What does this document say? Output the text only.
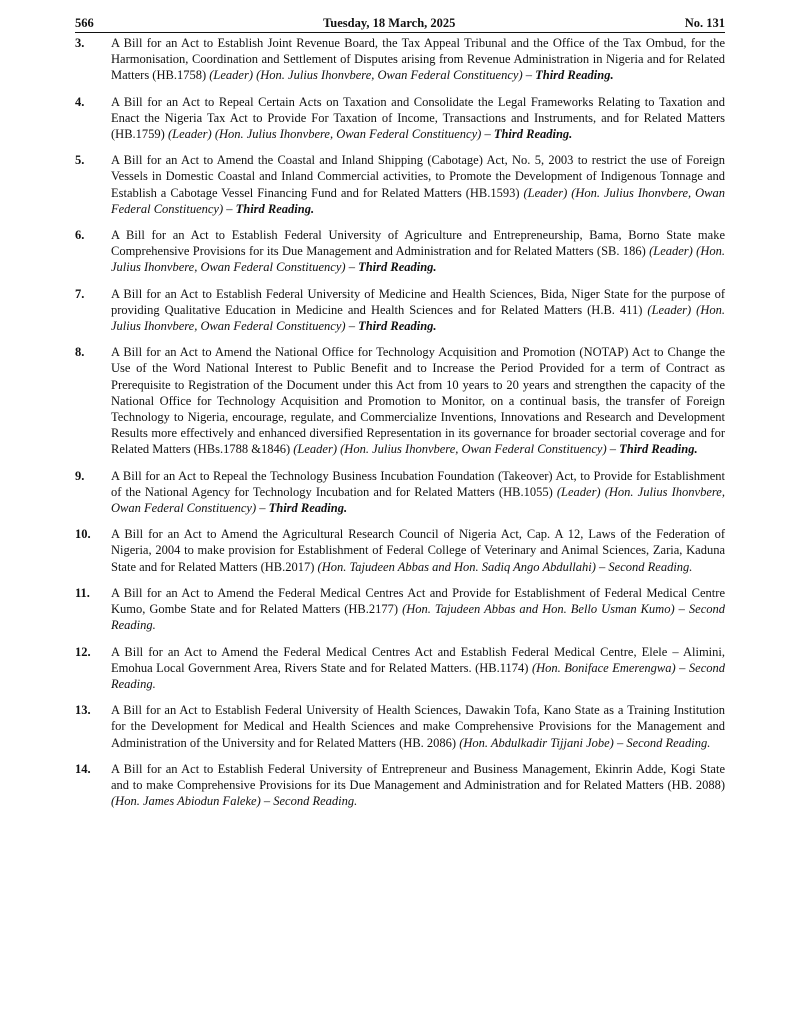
566	Tuesday, 18 March, 2025	No. 131
3.	A Bill for an Act to Establish Joint Revenue Board, the Tax Appeal Tribunal and the Office of the Tax Ombud, for the Harmonisation, Coordination and Settlement of Disputes arising from Revenue Administration in Nigeria and for Related Matters (HB.1758) (Leader) (Hon. Julius Ihonvbere, Owan Federal Constituency) – Third Reading.
4.	A Bill for an Act to Repeal Certain Acts on Taxation and Consolidate the Legal Frameworks Relating to Taxation and Enact the Nigeria Tax Act to Provide For Taxation of Income, Transactions and Instruments, and for Related Matters (HB.1759) (Leader) (Hon. Julius Ihonvbere, Owan Federal Constituency) – Third Reading.
5.	A Bill for an Act to Amend the Coastal and Inland Shipping (Cabotage) Act, No. 5, 2003 to restrict the use of Foreign Vessels in Domestic Coastal and Inland Commercial activities, to Promote the Development of Indigenous Tonnage and Establish a Cabotage Vessel Financing Fund and for Related Matters (HB.1593) (Leader) (Hon. Julius Ihonvbere, Owan Federal Constituency) – Third Reading.
6.	A Bill for an Act to Establish Federal University of Agriculture and Entrepreneurship, Bama, Borno State make Comprehensive Provisions for its Due Management and Administration and for Related Matters (SB. 186) (Leader) (Hon. Julius Ihonvbere, Owan Federal Constituency) – Third Reading.
7.	A Bill for an Act to Establish Federal University of Medicine and Health Sciences, Bida, Niger State for the purpose of providing Qualitative Education in Medicine and Health Sciences and for Related Matters (H.B. 411) (Leader) (Hon. Julius Ihonvbere, Owan Federal Constituency) – Third Reading.
8.	A Bill for an Act to Amend the National Office for Technology Acquisition and Promotion (NOTAP) Act to Change the Use of the Word National Interest to Public Benefit and to Increase the Period Provided for a term of Contract as Prerequisite to Registration of the Document under this Act from 10 years to 20 years and strengthen the capacity of the National Office for Technology Acquisition and Promotion to Monitor, on a continual basis, the transfer of Foreign Technology to Nigeria, encourage, regulate, and Commercialize Inventions, Innovations and Research and Development Results more effectively and enhanced diversified Representation in its governance for broader sectorial coverage and for Related Matters (HBs.1788 &1846) (Leader) (Hon. Julius Ihonvbere, Owan Federal Constituency) – Third Reading.
9.	A Bill for an Act to Repeal the Technology Business Incubation Foundation (Takeover) Act, to Provide for Establishment of the National Agency for Technology Incubation and for Related Matters (HB.1055) (Leader) (Hon. Julius Ihonvbere, Owan Federal Constituency) – Third Reading.
10.	A Bill for an Act to Amend the Agricultural Research Council of Nigeria Act, Cap. A 12, Laws of the Federation of Nigeria, 2004 to make provision for Establishment of Federal College of Veterinary and Animal Sciences, Zaria, Kaduna State and for Related Matters (HB.2017) (Hon. Tajudeen Abbas and Hon. Sadiq Ango Abdullahi) – Second Reading.
11.	A Bill for an Act to Amend the Federal Medical Centres Act and Provide for Establishment of Federal Medical Centre Kumo, Gombe State and for Related Matters (HB.2177) (Hon. Tajudeen Abbas and Hon. Bello Usman Kumo) – Second Reading.
12.	A Bill for an Act to Amend the Federal Medical Centres Act and Establish Federal Medical Centre, Elele – Alimini, Emohua Local Government Area, Rivers State and for Related Matters. (HB.1174) (Hon. Boniface Emerengwa) – Second Reading.
13.	A Bill for an Act to Establish Federal University of Health Sciences, Dawakin Tofa, Kano State as a Training Institution for the Development for Medical and Health Sciences and make Comprehensive Provisions for the Management and Administration of the University and for Related Matters (HB. 2086) (Hon. Abdulkadir Tijjani Jobe) – Second Reading.
14.	A Bill for an Act to Establish Federal University of Entrepreneur and Business Management, Ekinrin Adde, Kogi State and to make Comprehensive Provisions for its Due Management and Administration and for Related Matters (HB. 2088) (Hon. James Abiodun Faleke) – Second Reading.
